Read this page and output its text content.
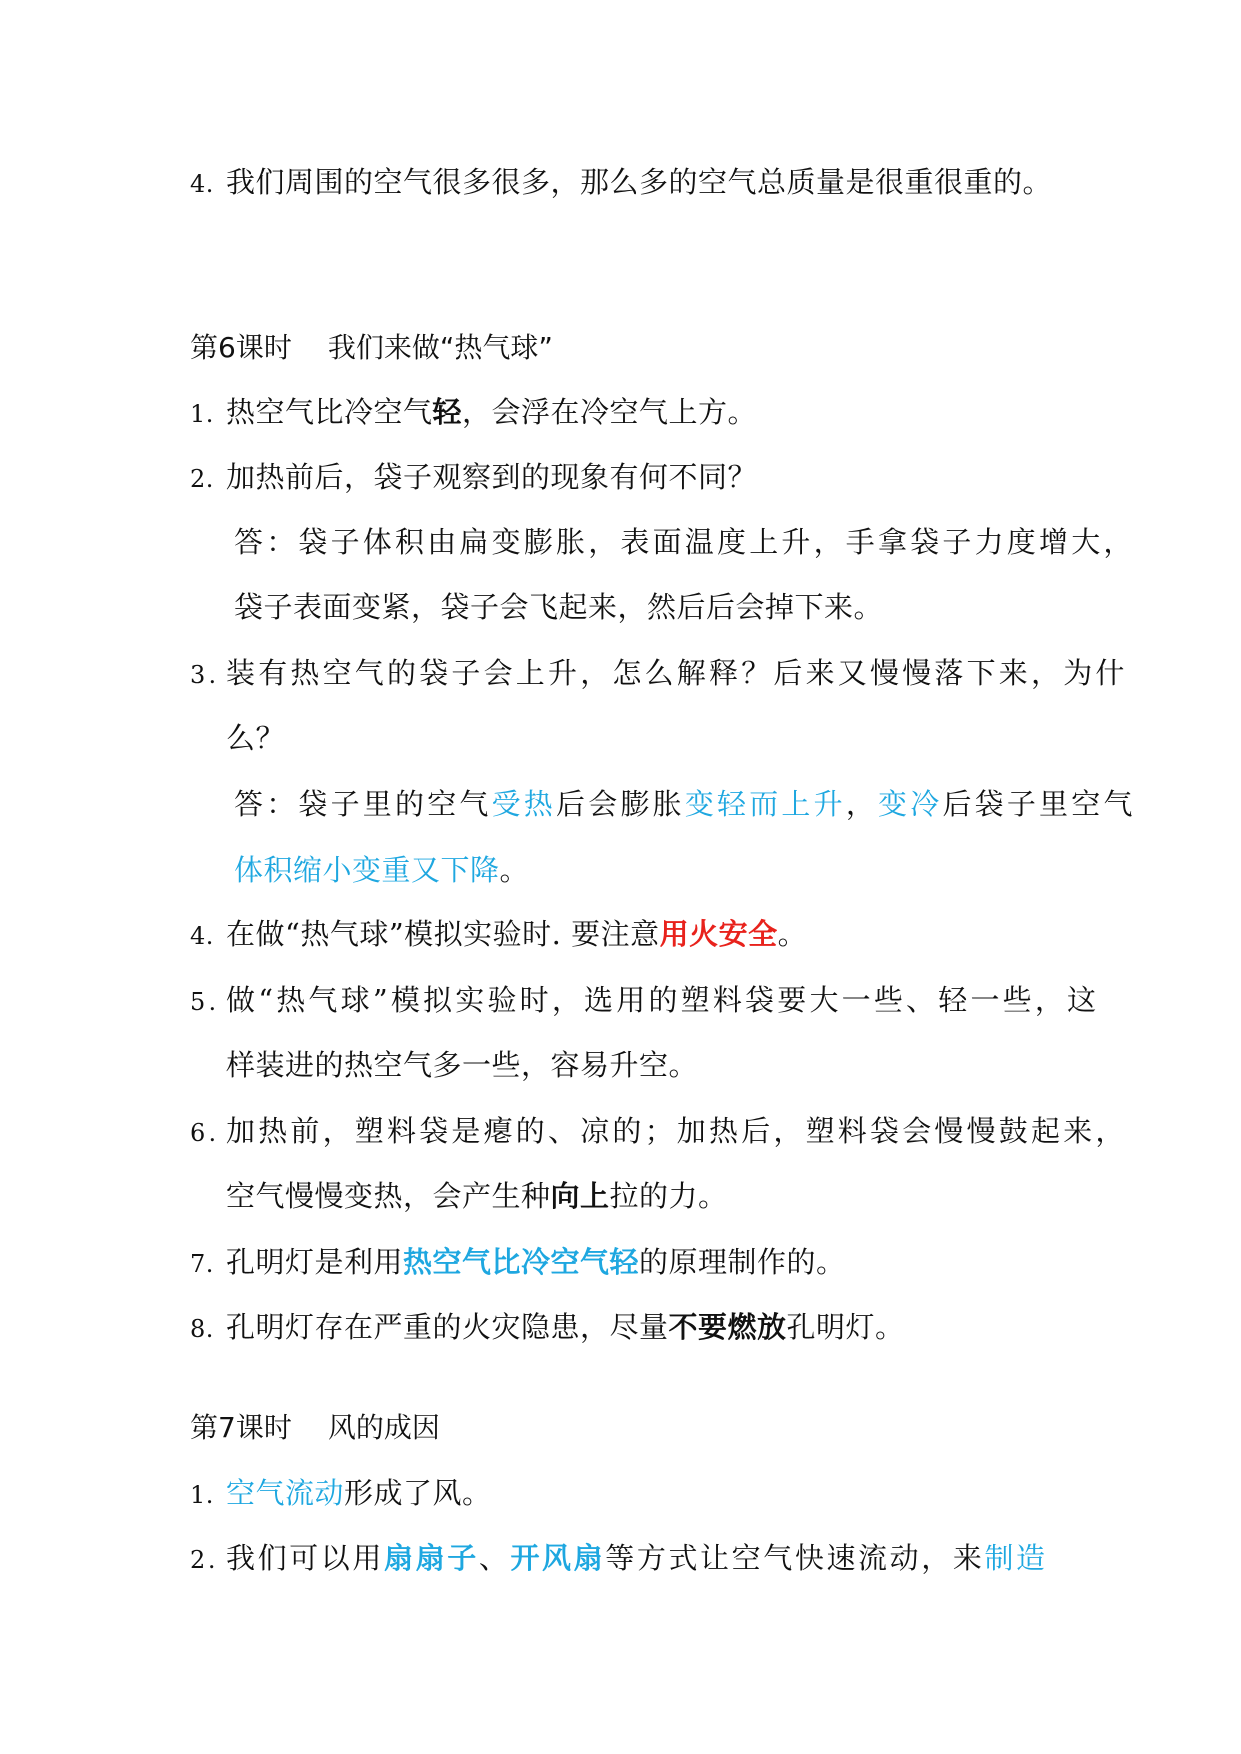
4. 我们周围的空气很多很多，那么多的空气总质量是很重很重的。
第6课时 我们来做“热气球”
1. 热空气比冷空气轻，会浮在冷空气上方。
2. 加热前后，袋子观察到的现象有何不同？
答：袋子体积由扁变膨胀，表面温度上升，手拿袋子力度增大，
袋子表面变紧，袋子会飞起来，然后后会掉下来。
3. 装有热空气的袋子会上升，怎么解释？后来又慢慢落下来，为什
么？
答：袋子里的空气受热后会膨胀变轻而上升，变冷后袋子里空气
体积缩小变重又下降。
4. 在做“热气球”模拟实验时. 要注意用火安全。
5. 做“热气球”模拟实验时，选用的塑料袋要大一些、轻一些，这
样装进的热空气多一些，容易升空。
6. 加热前，塑料袋是瘪的、凉的；加热后，塑料袋会慢慢鼓起来，
空气慢慢变热，会产生种向上拉的力。
7. 孔明灯是利用热空气比冷空气轻的原理制作的。
8. 孔明灯存在严重的火灾隐患，尽量不要燃放孔明灯。
第7课时 风的成因
1. 空气流动形成了风。
2. 我们可以用扇扇子、开风扇等方式让空气快速流动，来制造
